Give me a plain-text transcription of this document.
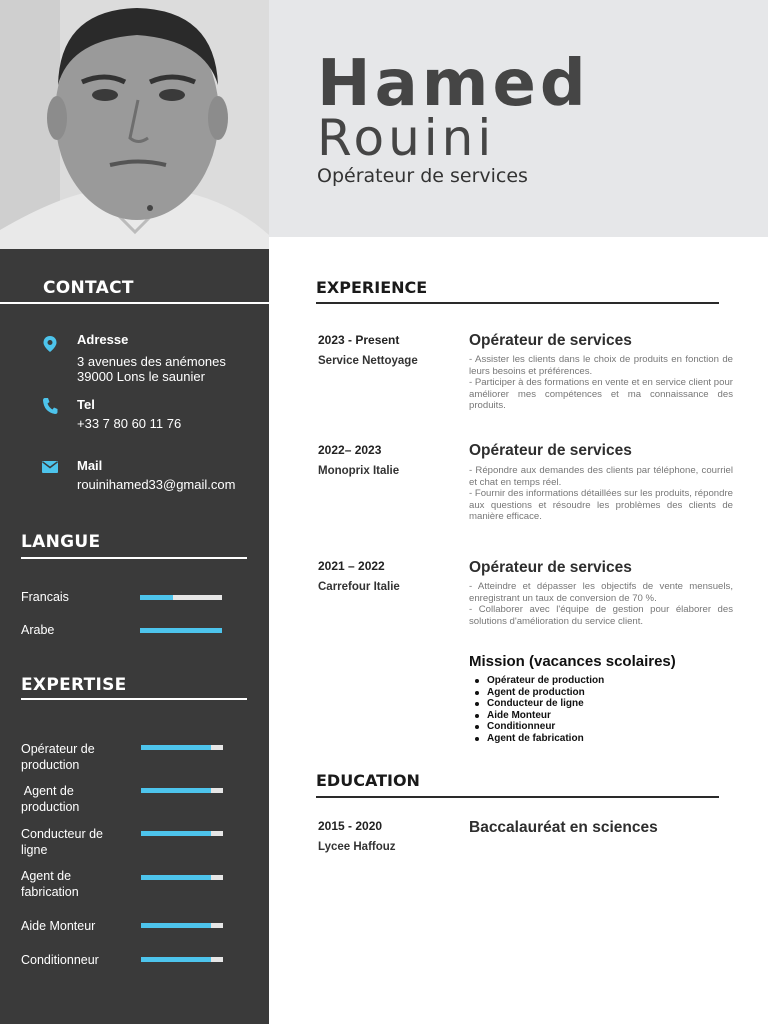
CONTACT
Adresse
3 avenues des anémones
39000 Lons le saunier
Tel
+33 7 80 60 11 76
Mail
rouinihamed33@gmail.com
LANGUE
Francais
Arabe
EXPERTISE
Opérateur de
production
Agent de
production
Conducteur de
ligne
Agent de
fabrication
Aide Monteur
Conditionneur
Hamed
Rouini
Opérateur de services
EXPERIENCE
2023 - Present
Service Nettoyage
Opérateur de services
- Assister les clients dans le choix de produits en fonction de leurs besoins et préférences.
- Participer à des formations en vente et en service client pour améliorer mes compétences et ma connaissance des produits.
2022– 2023
Monoprix Italie
Opérateur de services
- Répondre aux demandes des clients par téléphone, courriel et chat en temps réel.
- Fournir des informations détaillées sur les produits, répondre aux questions et résoudre les problèmes des clients de manière efficace.
2021 – 2022
Carrefour Italie
Opérateur de services
- Atteindre et dépasser les objectifs de vente mensuels, enregistrant un taux de conversion de 70 %.
- Collaborer avec l'équipe de gestion pour élaborer des solutions d'amélioration du service client.
Mission (vacances scolaires)
Opérateur de production
Agent de production
Conducteur de ligne
Aide Monteur
Conditionneur
Agent de fabrication
EDUCATION
2015 - 2020
Lycee Haffouz
Baccalauréat en sciences
